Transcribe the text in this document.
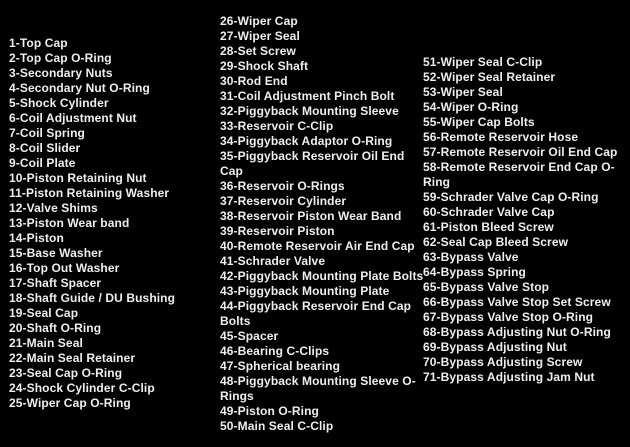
1-Top Cap
2-Top Cap O-Ring
3-Secondary Nuts
4-Secondary Nut O-Ring
5-Shock Cylinder
6-Coil Adjustment Nut
7-Coil Spring
8-Coil Slider
9-Coil Plate
10-Piston Retaining Nut
11-Piston Retaining Washer
12-Valve Shims
13-Piston Wear band
14-Piston
15-Base Washer
16-Top Out Washer
17-Shaft Spacer
18-Shaft Guide / DU Bushing
19-Seal Cap
20-Shaft O-Ring
21-Main Seal
22-Main Seal Retainer
23-Seal Cap O-Ring
24-Shock Cylinder C-Clip
25-Wiper Cap O-Ring
26-Wiper Cap
27-Wiper Seal
28-Set Screw
29-Shock Shaft
30-Rod End
31-Coil Adjustment Pinch Bolt
32-Piggyback Mounting Sleeve
33-Reservoir C-Clip
34-Piggyback Adaptor O-Ring
35-Piggyback Reservoir Oil End
Cap
36-Reservoir O-Rings
37-Reservoir Cylinder
38-Reservoir Piston Wear Band
39-Reservoir Piston
40-Remote Reservoir Air End Cap
41-Schrader Valve
42-Piggyback Mounting Plate Bolts
43-Piggyback Mounting Plate
44-Piggyback Reservoir End Cap
Bolts
45-Spacer
46-Bearing C-Clips
47-Spherical bearing
48-Piggyback Mounting Sleeve O-
Rings
49-Piston O-Ring
50-Main Seal C-Clip
51-Wiper Seal C-Clip
52-Wiper Seal Retainer
53-Wiper Seal
54-Wiper O-Ring
55-Wiper Cap Bolts
56-Remote Reservoir Hose
57-Remote Reservoir Oil End Cap
58-Remote Reservoir End Cap O-
Ring
59-Schrader Valve Cap O-Ring
60-Schrader Valve Cap
61-Piston Bleed Screw
62-Seal Cap Bleed Screw
63-Bypass Valve
64-Bypass Spring
65-Bypass Valve Stop
66-Bypass Valve Stop Set Screw
67-Bypass Valve Stop O-Ring
68-Bypass Adjusting Nut O-Ring
69-Bypass Adjusting Nut
70-Bypass Adjusting Screw
71-Bypass Adjusting Jam Nut
